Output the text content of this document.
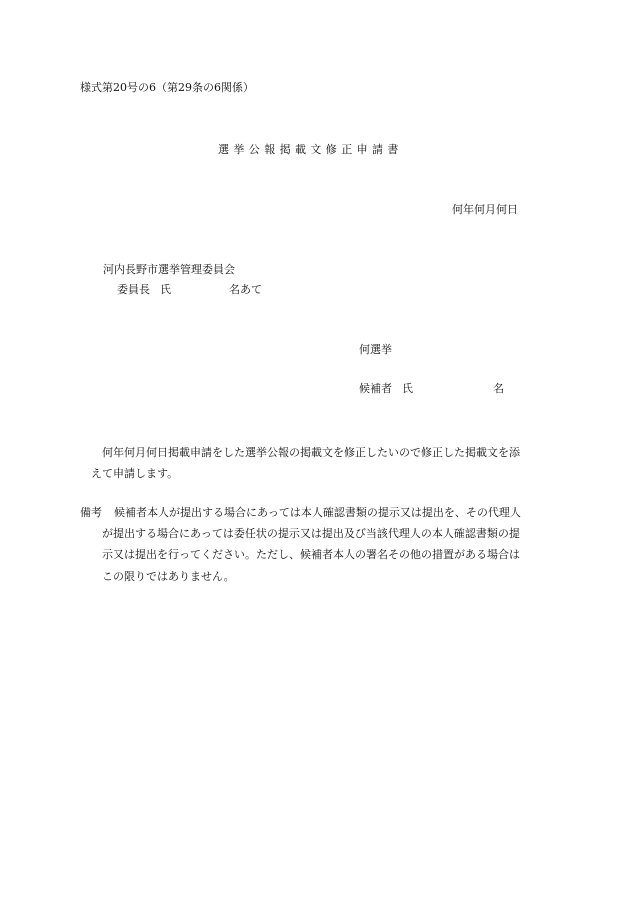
様式第20号の6（第29条の6関係）
選挙公報掲載文修正申請書
何年何月何日
河内長野市選挙管理委員会
委員長 氏	名あて
何選挙
候補者 氏	名
何年何月何日掲載申請をした選挙公報の掲載文を修正したいので修正した掲載文を添
えて申請します。
備考 候補者本人が提出する場合にあっては本人確認書類の提示又は提出を、その代理人
が提出する場合にあっては委任状の提示又は提出及び当該代理人の本人確認書類の提
示又は提出を行ってください。ただし、候補者本人の署名その他の措置がある場合は
この限りではありません。
